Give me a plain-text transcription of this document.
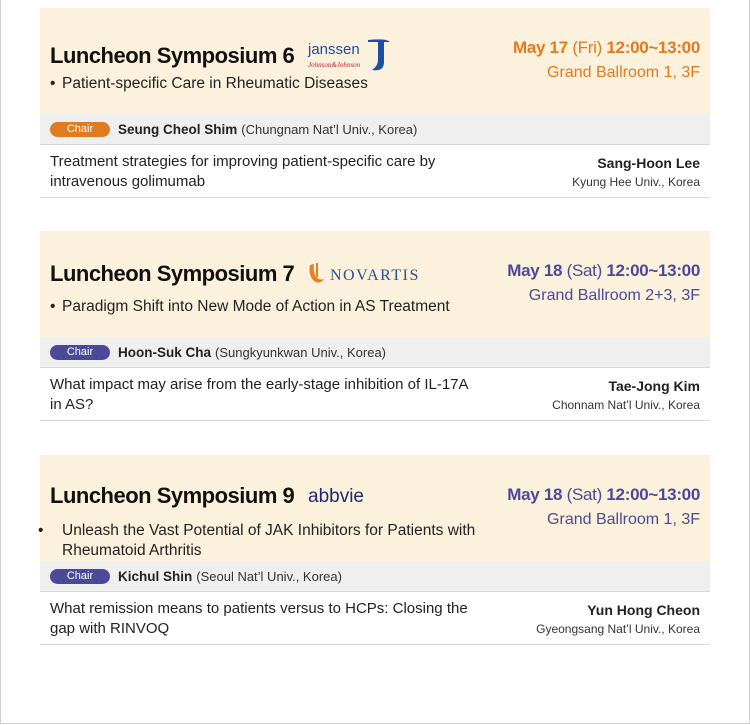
Luncheon Symposium 6 janssen
Johnson&Johnson
• Patient-specific Care in Rheumatic Diseases
May 17 (Fri) 12:00~13:00
Grand Ballroom 1, 3F
Chair	Seung Cheol Shim (Chungnam Nat’l Univ., Korea)
Treatment strategies for improving patient-specific care by intravenous golimumab
Sang-Hoon Lee
Kyung Hee Univ., Korea
Luncheon Symposium 7 NOVARTIS
• Paradigm Shift into New Mode of Action in AS Treatment
May 18 (Sat) 12:00~13:00
Grand Ballroom 2+3, 3F
Chair	Hoon-Suk Cha (Sungkyunkwan Univ., Korea)
What impact may arise from the early-stage inhibition of IL-17A in AS?
Tae-Jong Kim
Chonnam Nat’l Univ., Korea
Luncheon Symposium 9 abbvie
• Unleash the Vast Potential of JAK Inhibitors for Patients with Rheumatoid Arthritis
May 18 (Sat) 12:00~13:00
Grand Ballroom 1, 3F
Chair	Kichul Shin (Seoul Nat’l Univ., Korea)
What remission means to patients versus to HCPs: Closing the gap with RINVOQ
Yun Hong Cheon
Gyeongsang Nat’l Univ., Korea
